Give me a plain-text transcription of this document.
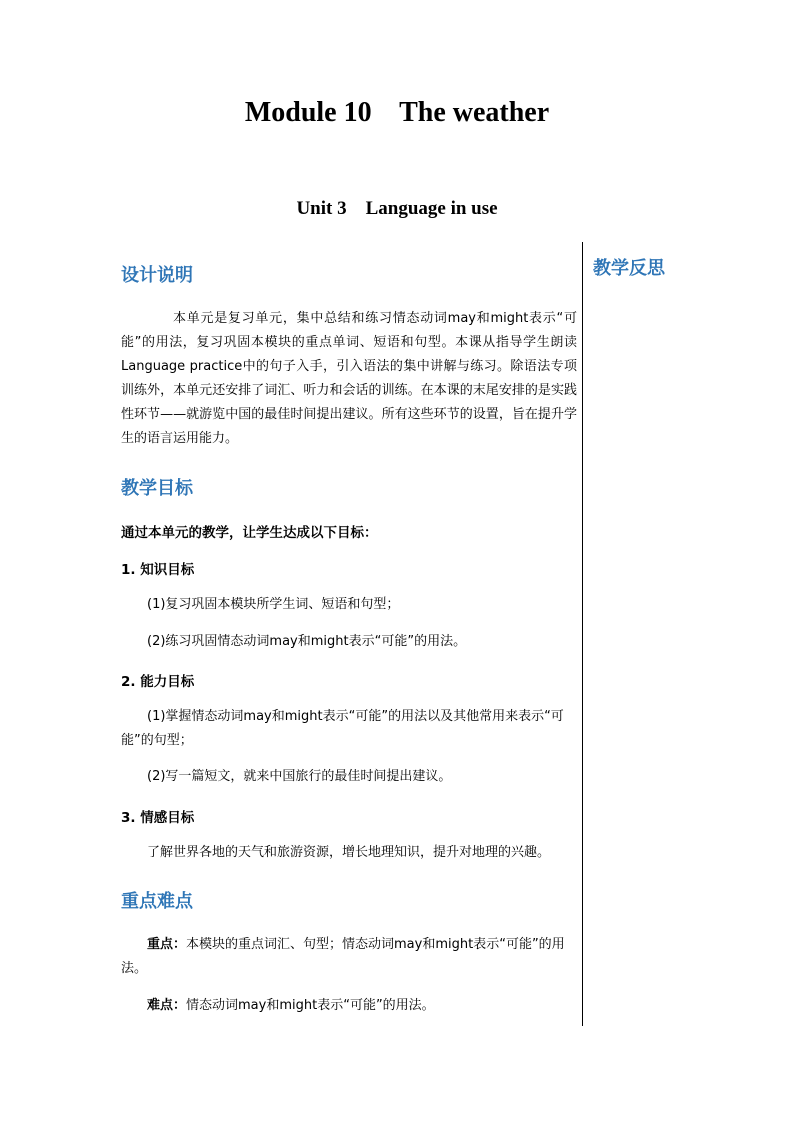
Module 10    The weather
Unit 3    Language in use
教学反思
设计说明
本单元是复习单元，集中总结和练习情态动词may和might表示“可能”的用法，复习巩固本模块的重点单词、短语和句型。本课从指导学生朗读Language practice中的句子入手，引入语法的集中讲解与练习。除语法专项训练外，本单元还安排了词汇、听力和会话的训练。在本课的末尾安排的是实践性环节——就游览中国的最佳时间提出建议。所有这些环节的设置，旨在提升学生的语言运用能力。
教学目标
通过本单元的教学，让学生达成以下目标：
1. 知识目标
(1)复习巩固本模块所学生词、短语和句型；
(2)练习巩固情态动词may和might表示“可能”的用法。
2. 能力目标
(1)掌握情态动词may和might表示“可能”的用法以及其他常用来表示“可能”的句型；
(2)写一篇短文，就来中国旅行的最佳时间提出建议。
3. 情感目标
了解世界各地的天气和旅游资源，增长地理知识，提升对地理的兴趣。
重点难点
重点：本模块的重点词汇、句型；情态动词may和might表示“可能”的用法。
难点：情态动词may和might表示“可能”的用法。
